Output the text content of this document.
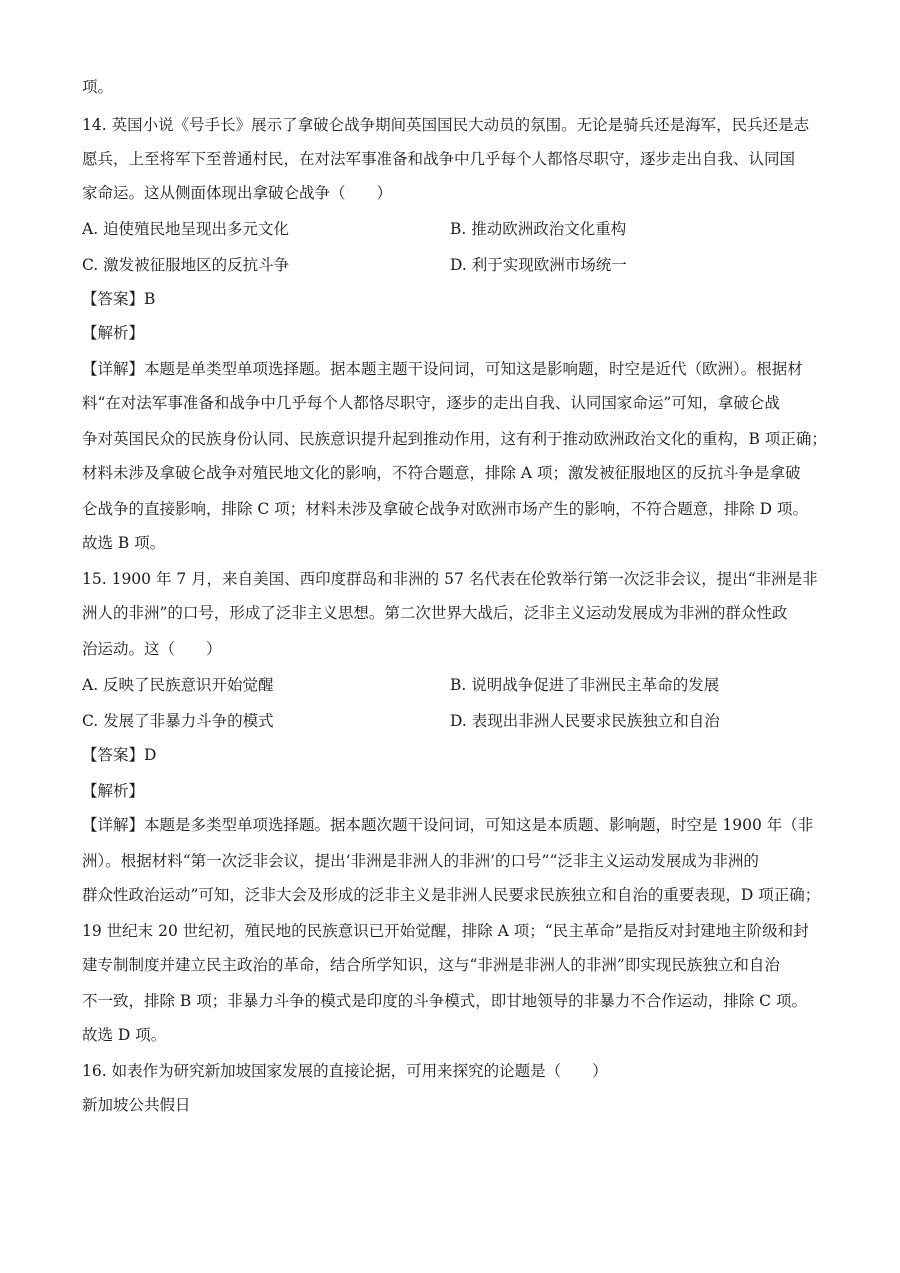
项。
14. 英国小说《号手长》展示了拿破仑战争期间英国国民大动员的氛围。无论是骑兵还是海军，民兵还是志
愿兵，上至将军下至普通村民，在对法军事准备和战争中几乎每个人都恪尽职守，逐步走出自我、认同国
家命运。这从侧面体现出拿破仑战争（　　）
A. 迫使殖民地呈现出多元文化	B. 推动欧洲政治文化重构
C. 激发被征服地区的反抗斗争	D. 利于实现欧洲市场统一
【答案】B
【解析】
【详解】本题是单类型单项选择题。据本题主题干设问词，可知这是影响题，时空是近代（欧洲）。根据材
料“在对法军事准备和战争中几乎每个人都恪尽职守，逐步的走出自我、认同国家命运”可知，拿破仑战
争对英国民众的民族身份认同、民族意识提升起到推动作用，这有利于推动欧洲政治文化的重构，B 项正确；
材料未涉及拿破仑战争对殖民地文化的影响，不符合题意，排除 A 项；激发被征服地区的反抗斗争是拿破
仑战争的直接影响，排除 C 项；材料未涉及拿破仑战争对欧洲市场产生的影响，不符合题意，排除 D 项。
故选 B 项。
15. 1900 年 7 月，来自美国、西印度群岛和非洲的 57 名代表在伦敦举行第一次泛非会议，提出“非洲是非
洲人的非洲”的口号，形成了泛非主义思想。第二次世界大战后，泛非主义运动发展成为非洲的群众性政
治运动。这（　　）
A. 反映了民族意识开始觉醒	B. 说明战争促进了非洲民主革命的发展
C. 发展了非暴力斗争的模式	D. 表现出非洲人民要求民族独立和自治
【答案】D
【解析】
【详解】本题是多类型单项选择题。据本题次题干设问词，可知这是本质题、影响题，时空是 1900 年（非
洲）。根据材料“第一次泛非会议，提出‘非洲是非洲人的非洲’的口号”“泛非主义运动发展成为非洲的
群众性政治运动”可知，泛非大会及形成的泛非主义是非洲人民要求民族独立和自治的重要表现，D 项正确；
19 世纪末 20 世纪初，殖民地的民族意识已开始觉醒，排除 A 项；“民主革命”是指反对封建地主阶级和封
建专制制度并建立民主政治的革命，结合所学知识，这与“非洲是非洲人的非洲”即实现民族独立和自治
不一致，排除 B 项；非暴力斗争的模式是印度的斗争模式，即甘地领导的非暴力不合作运动，排除 C 项。
故选 D 项。
16. 如表作为研究新加坡国家发展的直接论据，可用来探究的论题是（　　）
新加坡公共假日
